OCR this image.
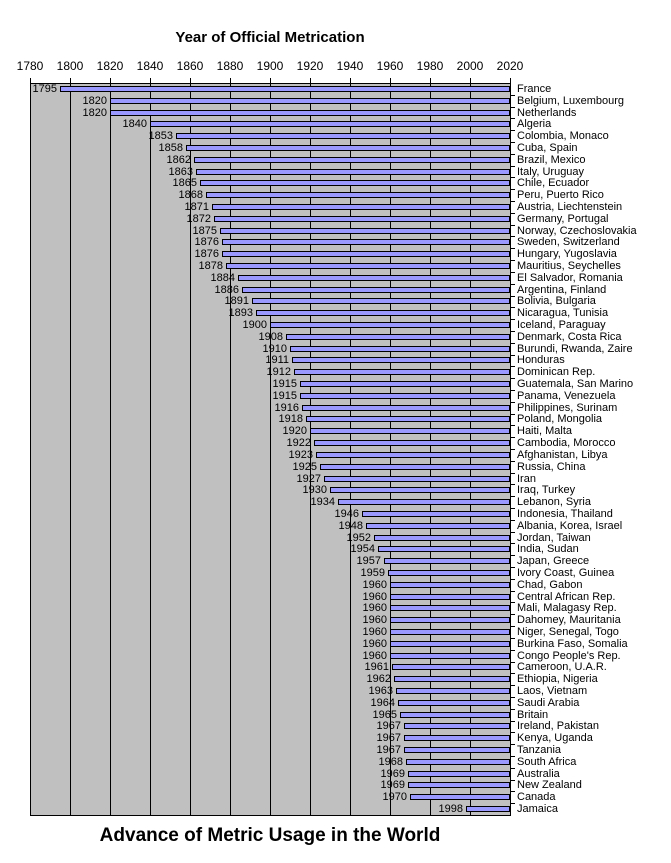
Year of Official Metrication
1780	1800	1820	1840	1860	1880	1900	1920	1940	1960	1980	2000	2020
1795	France
1820	Belgium, Luxembourg
1820	Netherlands
1840	Algeria
1853	Colombia, Monaco
1858	Cuba, Spain
1862	Brazil, Mexico
1863	Italy, Uruguay
1865	Chile, Ecuador
1868	Peru, Puerto Rico
1871	Austria, Liechtenstein
1872	Germany, Portugal
1875	Norway, Czechoslovakia
1876	Sweden, Switzerland
1876	Hungary, Yugoslavia
1878	Mauritius, Seychelles
1884	El Salvador, Romania
1886	Argentina, Finland
1891	Bolivia, Bulgaria
1893	Nicaragua, Tunisia
1900	Iceland, Paraguay
1908	Denmark, Costa Rica
1910	Burundi, Rwanda, Zaire
1911	Honduras
1912	Dominican Rep.
1915	Guatemala, San Marino
1915	Panama, Venezuela
1916	Philippines, Surinam
1918	Poland, Mongolia
1920	Haiti, Malta
1922	Cambodia, Morocco
1923	Afghanistan, Libya
1925	Russia, China
1927	Iran
1930	Iraq, Turkey
1934	Lebanon, Syria
1946	Indonesia, Thailand
1948	Albania, Korea, Israel
1952	Jordan, Taiwan
1954	India, Sudan
1957	Japan, Greece
1959	Ivory Coast, Guinea
1960	Chad, Gabon
1960	Central African Rep.
1960	Mali, Malagasy Rep.
1960	Dahomey, Mauritania
1960	Niger, Senegal, Togo
1960	Burkina Faso, Somalia
1960	Congo People's Rep.
1961	Cameroon, U.A.R.
1962	Ethiopia, Nigeria
1963	Laos, Vietnam
1964	Saudi Arabia
1965	Britain
1967	Ireland, Pakistan
1967	Kenya, Uganda
1967	Tanzania
1968	South Africa
1969	Australia
1969	New Zealand
1970	Canada
1998	Jamaica
Advance of Metric Usage in the World
